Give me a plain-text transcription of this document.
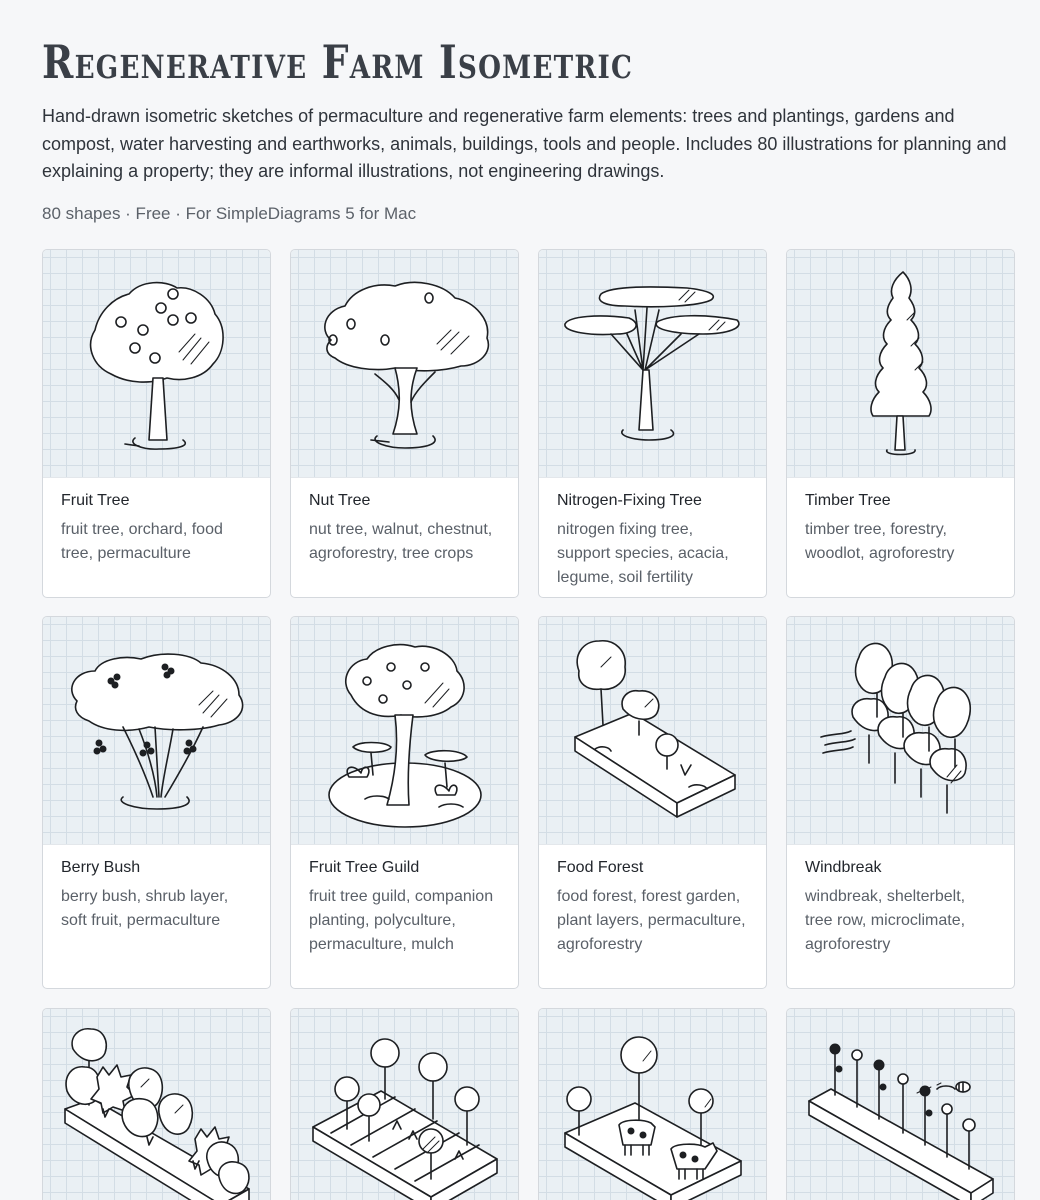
Regenerative Farm Isometric

Hand-drawn isometric sketches of permaculture and regenerative farm elements: trees and plantings, gardens and compost, water harvesting and earthworks, animals, buildings, tools and people. Includes 80 illustrations for planning and explaining a property; they are informal illustrations, not engineering drawings.

80 shapes · Free · For SimpleDiagrams 5 for Mac
Fruit Tree
fruit tree, orchard, food tree, permaculture
Nut Tree
nut tree, walnut, chestnut, agroforestry, tree crops
Nitrogen-Fixing Tree
nitrogen fixing tree, support species, acacia, legume, soil fertility
Timber Tree
timber tree, forestry, woodlot, agroforestry
Berry Bush
berry bush, shrub layer, soft fruit, permaculture
Fruit Tree Guild
fruit tree guild, companion planting, polyculture, permaculture, mulch
Food Forest
food forest, forest garden, plant layers, permaculture, agroforestry
Windbreak
windbreak, shelterbelt, tree row, microclimate, agroforestry
